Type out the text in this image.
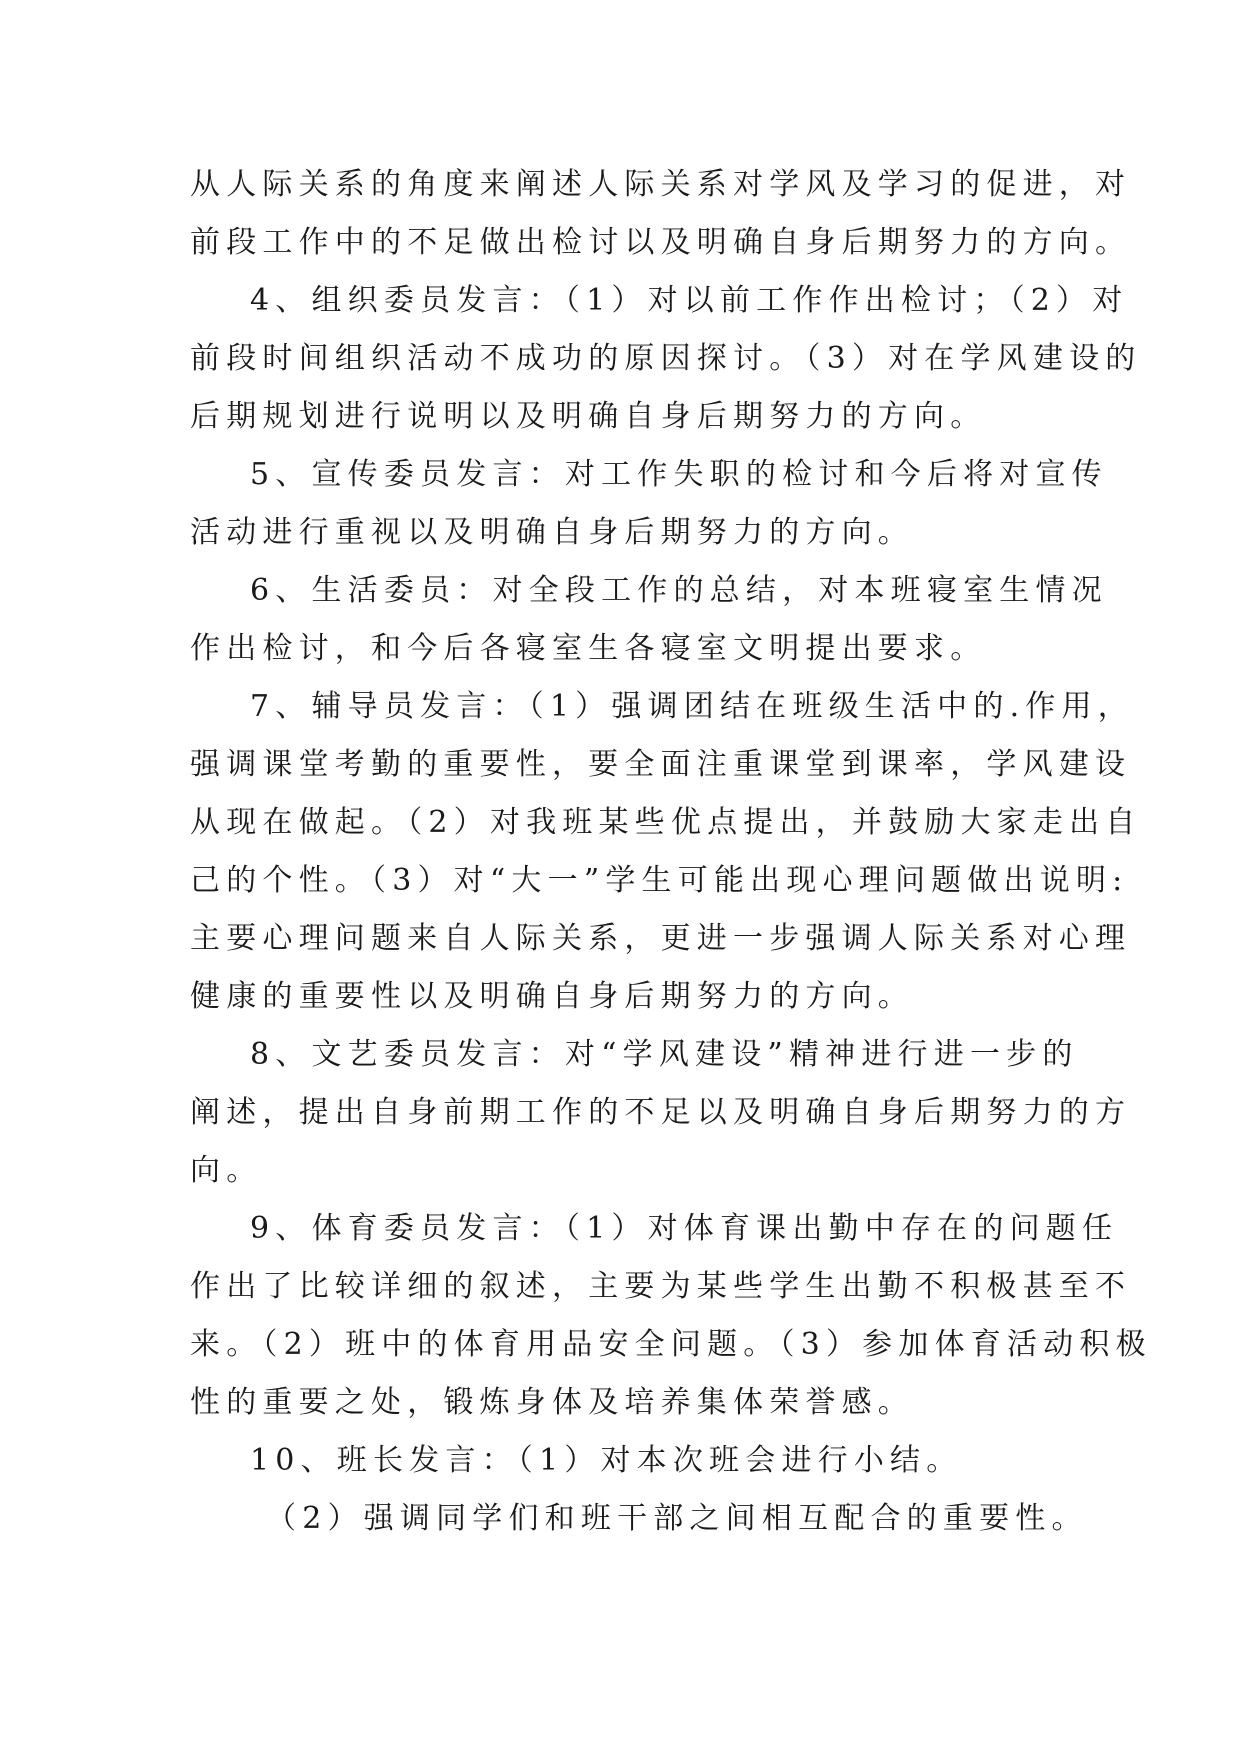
从人际关系的角度来阐述人际关系对学风及学习的促进，对
前段工作中的不足做出检讨以及明确自身后期努力的方向。
4、组织委员发言：（1）对以前工作作出检讨；（2）对
前段时间组织活动不成功的原因探讨。（3）对在学风建设的
后期规划进行说明以及明确自身后期努力的方向。
5、宣传委员发言：对工作失职的检讨和今后将对宣传
活动进行重视以及明确自身后期努力的方向。
6、生活委员：对全段工作的总结，对本班寝室生情况
作出检讨，和今后各寝室生各寝室文明提出要求。
7、辅导员发言：（1）强调团结在班级生活中的.作用，
强调课堂考勤的重要性，要全面注重课堂到课率，学风建设
从现在做起。（2）对我班某些优点提出，并鼓励大家走出自
己的个性。（3）对“大一”学生可能出现心理问题做出说明:
主要心理问题来自人际关系，更进一步强调人际关系对心理
健康的重要性以及明确自身后期努力的方向。
8、文艺委员发言：对“学风建设”精神进行进一步的
阐述，提出自身前期工作的不足以及明确自身后期努力的方
向。
9、体育委员发言：（1）对体育课出勤中存在的问题任
作出了比较详细的叙述，主要为某些学生出勤不积极甚至不
来。（2）班中的体育用品安全问题。（3）参加体育活动积极
性的重要之处，锻炼身体及培养集体荣誉感。
10、班长发言：（1）对本次班会进行小结。
（2）强调同学们和班干部之间相互配合的重要性。
